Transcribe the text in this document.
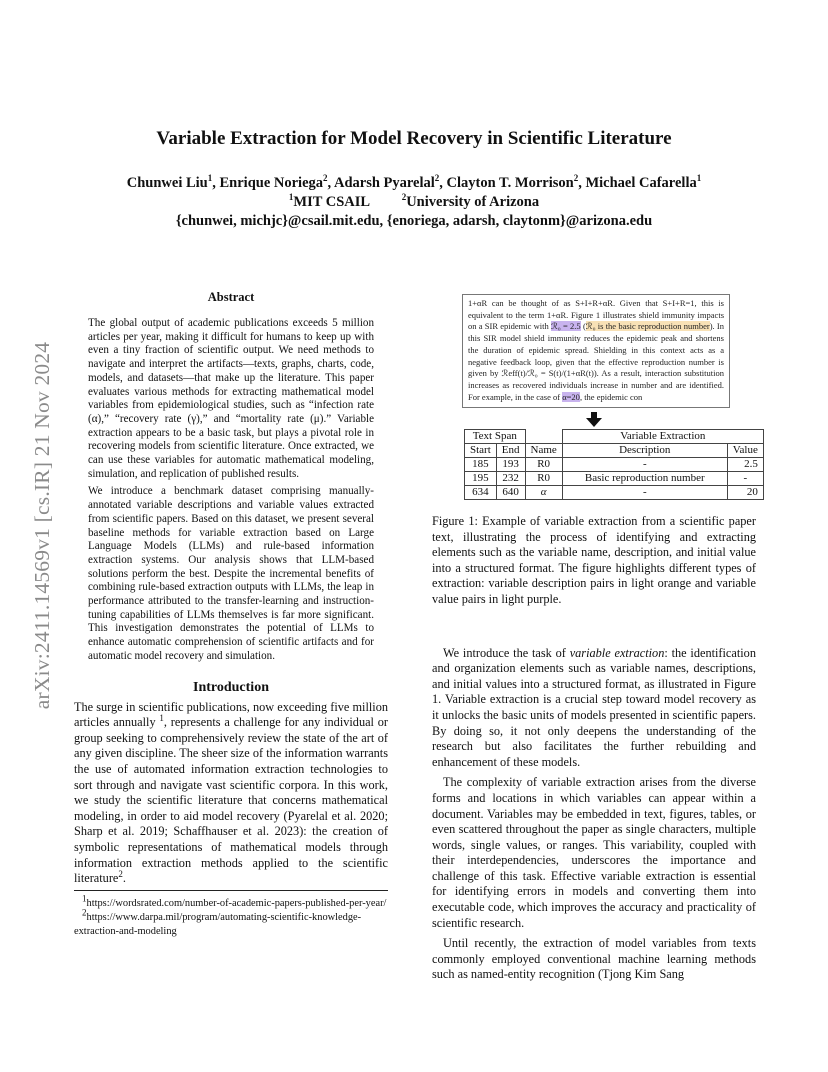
arXiv:2411.14569v1 [cs.IR] 21 Nov 2024
Variable Extraction for Model Recovery in Scientific Literature
Chunwei Liu$^1$, Enrique Noriega$^2$, Adarsh Pyarelal$^2$, Clayton T. Morrison$^2$, Michael Cafarella$^1$
$^1$MIT CSAIL	$^2$University of Arizona
{chunwei, michjc}@csail.mit.edu, {enoriega, adarsh, claytonm}@arizona.edu
Abstract

The global output of academic publications exceeds 5 million articles per year, making it difficult for humans to keep up with even a tiny fraction of scientific output. We need methods to navigate and interpret the artifacts—texts, graphs, charts, code, models, and datasets—that make up the literature. This paper evaluates various methods for extracting mathematical model variables from epidemiological studies, such as “infection rate (α),” “recovery rate (γ),” and “mortality rate (μ).” Variable extraction appears to be a basic task, but plays a pivotal role in recovering models from scientific literature. Once extracted, we can use these variables for automatic mathematical modeling, simulation, and replication of published results.

We introduce a benchmark dataset comprising manually-annotated variable descriptions and variable values extracted from scientific papers. Based on this dataset, we present several baseline methods for variable extraction based on Large Language Models (LLMs) and rule-based information extraction systems. Our analysis shows that LLM-based solutions perform the best. Despite the incremental benefits of combining rule-based extraction outputs with LLMs, the leap in performance attributed to the transfer-learning and instruction-tuning capabilities of LLMs themselves is far more significant. This investigation demonstrates the potential of LLMs to enhance automatic comprehension of scientific artifacts and for automatic model recovery and simulation.

Introduction

The surge in scientific publications, now exceeding five million articles annually $^1$, represents a challenge for any individual or group seeking to comprehensively review the state of the art of any given discipline. The sheer size of the information warrants the use of automated information extraction technologies to sort through and navigate vast scientific corpora. In this work, we study the scientific literature that concerns mathematical modeling, in order to aid model recovery (Pyarelal et al. 2020; Sharp et al. 2019; Schaffhauser et al. 2023): the creation of symbolic representations of mathematical models through information extraction methods applied to the scientific literature$^2$.

$^1$https://wordsrated.com/number-of-academic-papers-published-per-year/

$^2$https://www.darpa.mil/program/automating-scientific-knowledge-extraction-and-modeling

1+αR can be thought of as S+I+R+αR. Given that S+I+R=1, this is equivalent to the term 1+αR. Figure 1 illustrates shield immunity impacts on a SIR epidemic with ℛ₀ = 2.5 (ℛ₀ is the basic reproduction number). In this SIR model shield immunity reduces the epidemic peak and shortens the duration of epidemic spread. Shielding in this context acts as a negative feedback loop, given that the effective reproduction number is given by ℛeff(t)/ℛ₀ = S(t)/(1+αR(t)). As a result, interaction substitution increases as recovered individuals increase in number and are identified. For example, in the case of α=20, the epidemic con
Text Span			Variable Extraction	
Start	End	Name	Description	Value
185	193	R0	-	2.5
195	232	R0	Basic reproduction number	-
634	640	α	-	20

Figure 1: Example of variable extraction from a scientific paper text, illustrating the process of identifying and extracting elements such as the variable name, description, and initial value into a structured format. The figure highlights different types of extraction: variable description pairs in light orange and variable value pairs in light purple.

We introduce the task of variable extraction: the identification and organization elements such as variable names, descriptions, and initial values into a structured format, as illustrated in Figure 1. Variable extraction is a crucial step toward model recovery as it unlocks the basic units of models presented in scientific papers. By doing so, it not only deepens the understanding of the research but also facilitates the further rebuilding and enhancement of these models.

The complexity of variable extraction arises from the diverse forms and locations in which variables can appear within a document. Variables may be embedded in text, figures, tables, or even scattered throughout the paper as single characters, multiple words, single values, or ranges. This variability, coupled with their interdependencies, underscores the importance and challenge of this task. Effective variable extraction is essential for identifying errors in models and converting them into executable code, which improves the accuracy and practicality of scientific research.

Until recently, the extraction of model variables from texts commonly employed conventional machine learning methods such as named-entity recognition (Tjong Kim Sang
